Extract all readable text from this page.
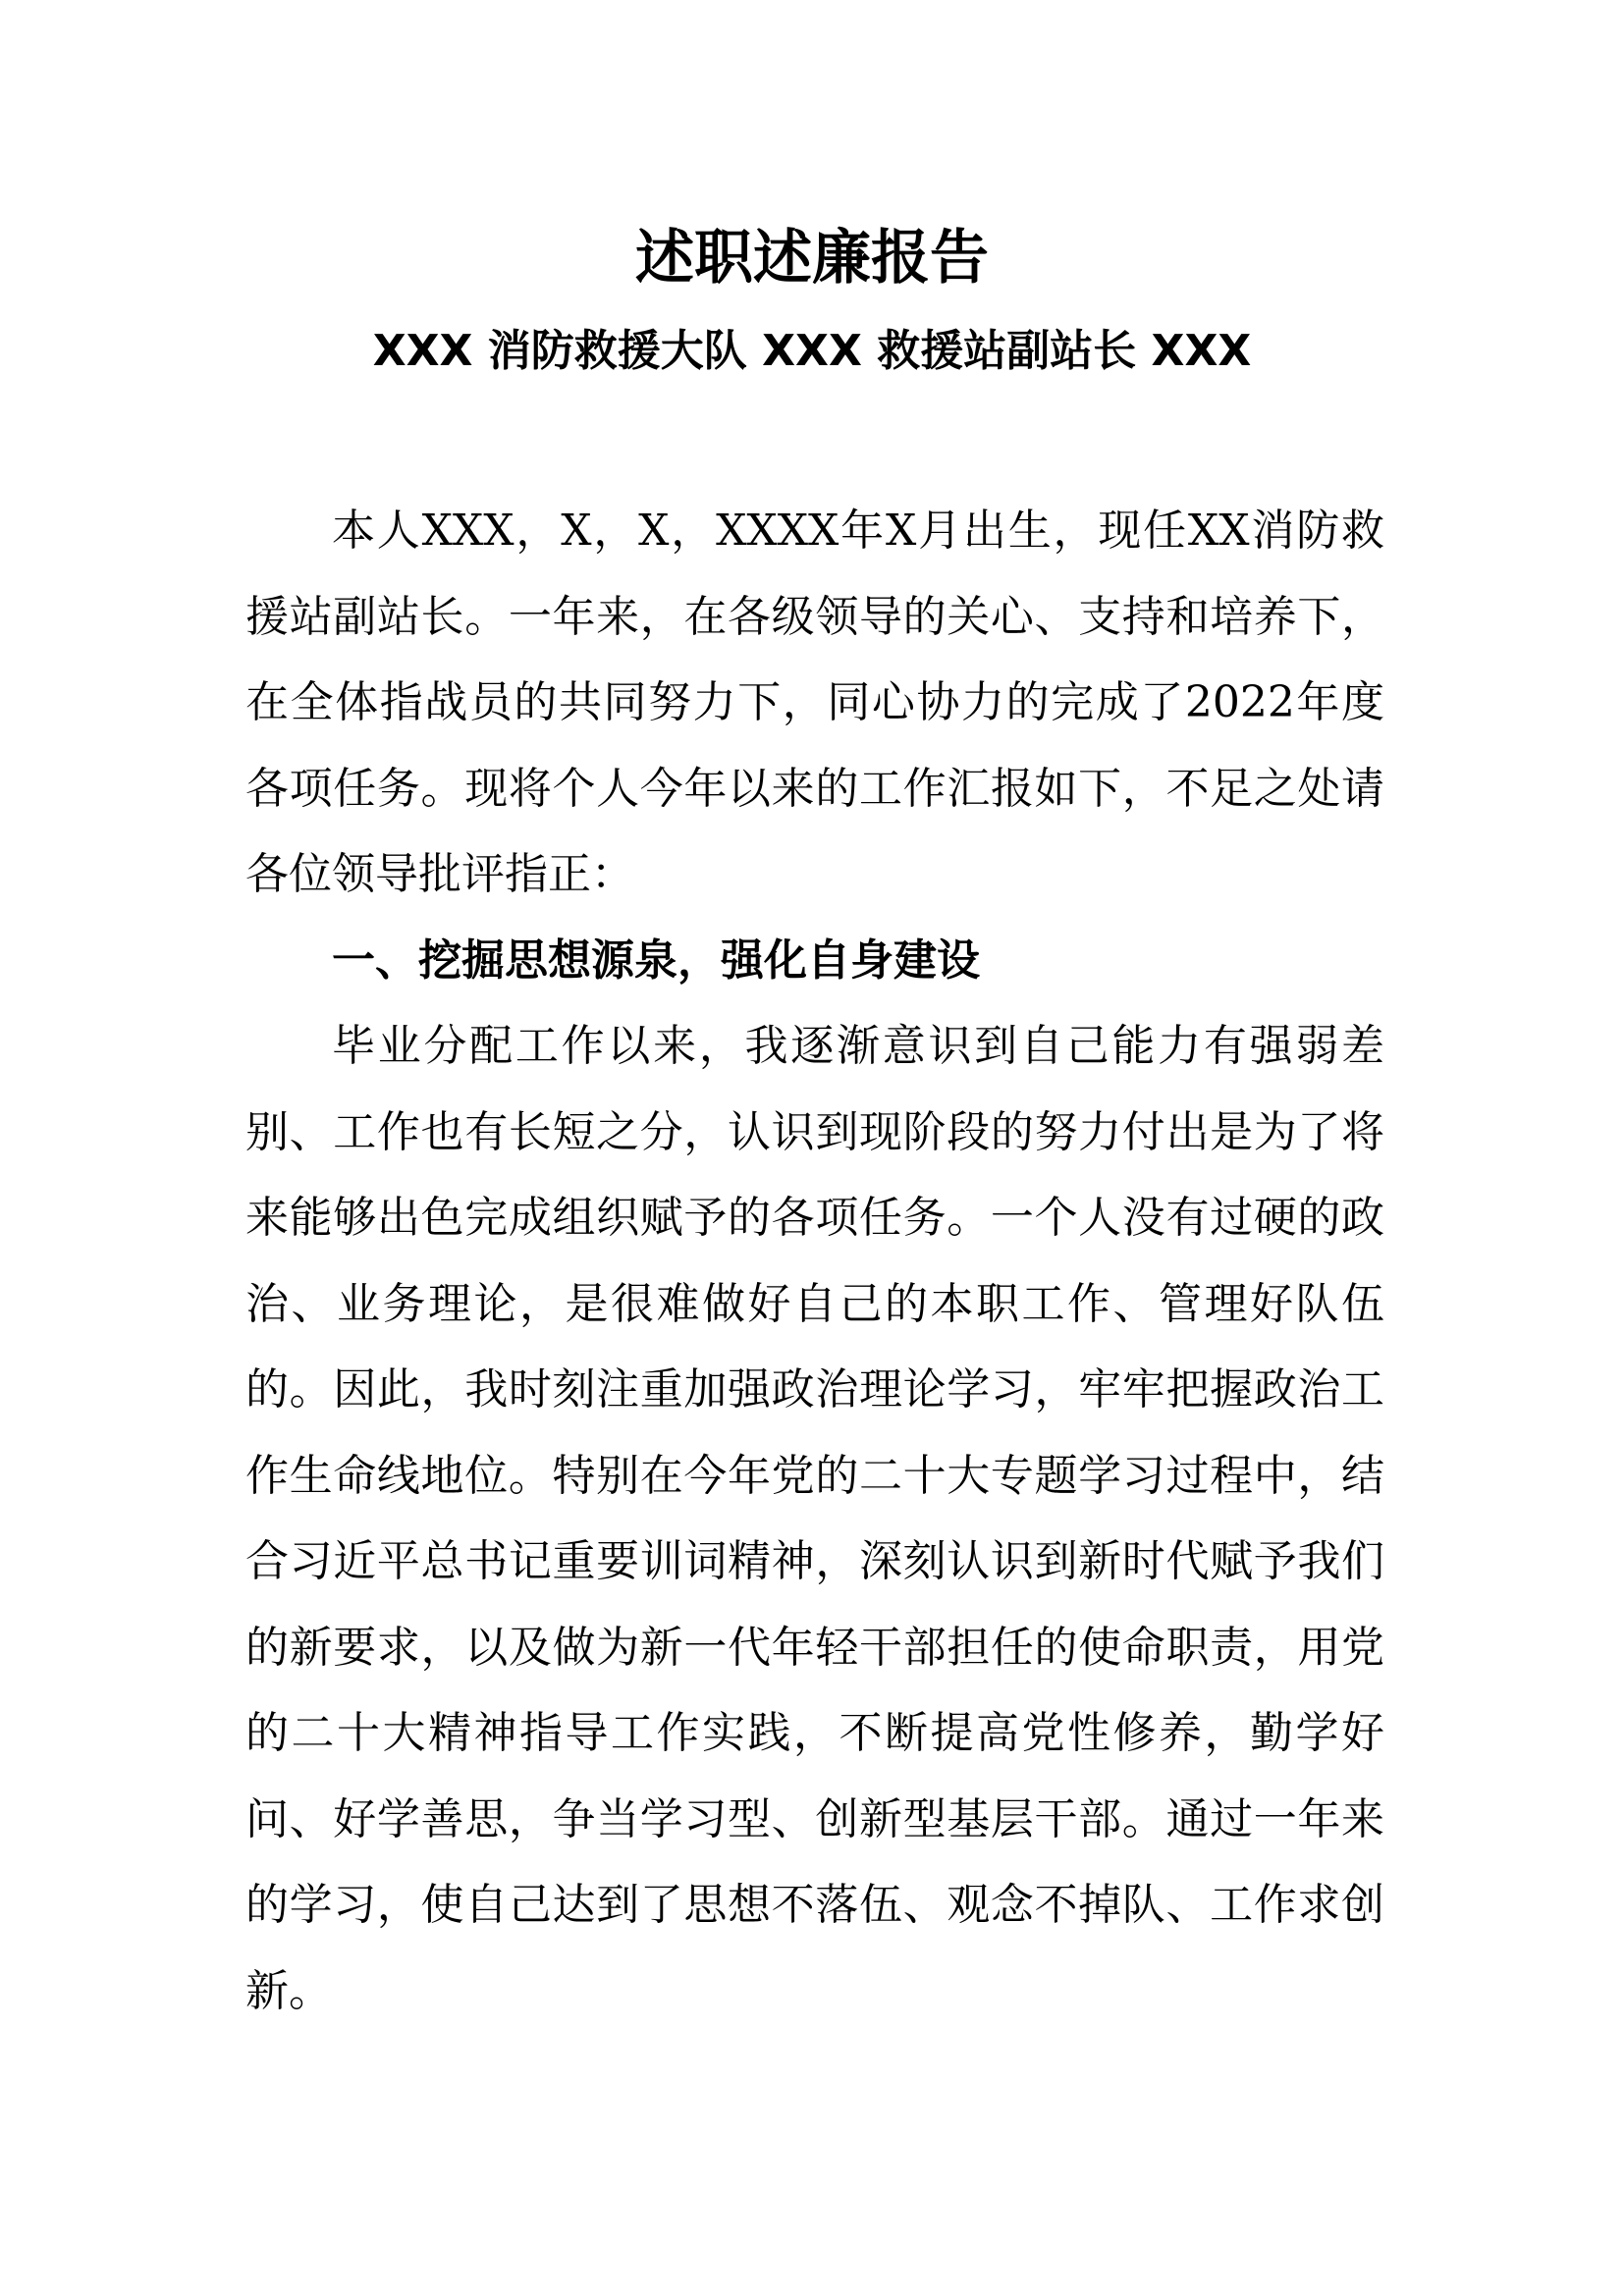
述职述廉报告
XXX 消防救援大队 XXX 救援站副站长 XXX

本人XXX，X，X，XXXX年X月出生，现任XX消防救援站副站长。一年来，在各级领导的关心、支持和培养下，在全体指战员的共同努力下，同心协力的完成了2022年度各项任务。现将个人今年以来的工作汇报如下，不足之处请各位领导批评指正：

一、挖掘思想源泉，强化自身建设

毕业分配工作以来，我逐渐意识到自己能力有强弱差别、工作也有长短之分，认识到现阶段的努力付出是为了将来能够出色完成组织赋予的各项任务。一个人没有过硬的政治、业务理论，是很难做好自己的本职工作、管理好队伍的。因此，我时刻注重加强政治理论学习，牢牢把握政治工作生命线地位。特别在今年党的二十大专题学习过程中，结合习近平总书记重要训词精神，深刻认识到新时代赋予我们的新要求，以及做为新一代年轻干部担任的使命职责，用党的二十大精神指导工作实践，不断提高党性修养，勤学好问、好学善思，争当学习型、创新型基层干部。通过一年来的学习，使自己达到了思想不落伍、观念不掉队、工作求创新。
